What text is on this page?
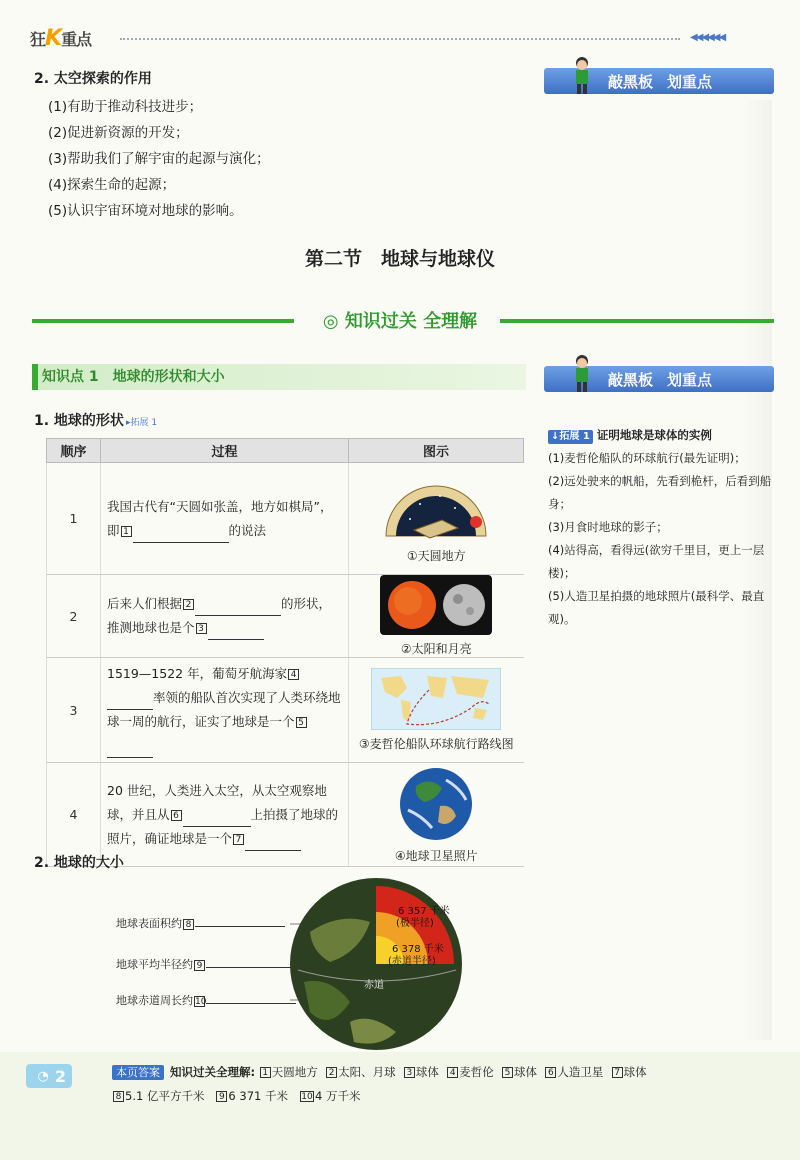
狂K重点	◀◀◀◀◀◀
敲黑板 划重点
2. 太空探索的作用
(1)有助于推动科技进步；
(2)促进新资源的开发；
(3)帮助我们了解宇宙的起源与演化；
(4)探索生命的起源；
(5)认识宇宙环境对地球的影响。
第二节　地球与地球仪
◎ 知识过关 全理解
知识点 1　地球的形状和大小	敲黑板 划重点
1. 地球的形状 ▸拓展 1
顺序	过程	图示
1	我国古代有“天圆如张盖，地方如棋局”，即 1 的说法	①天圆地方

2	后来人们根据 2 的形状，推测地球也是个 3	②太阳和月亮

3	1519—1522 年，葡萄牙航海家 4率领的船队首次实现了人类环绕地球一周的航行，证实了地球是一个 5	③麦哲伦船队环球航行路线图

4	20 世纪，人类进入太空，从太空观察地球，并且从 6 上拍摄了地球的照片，确证地球是一个 7	④地球卫星照片
↓拓展 1 证明地球是球体的实例
(1)麦哲伦船队的环球航行(最先证明)；
(2)远处驶来的帆船，先看到桅杆，后看到船身；
(3)月食时地球的影子；
(4)站得高，看得远(欲穷千里目，更上一层楼)；
(5)人造卫星拍摄的地球照片(最科学、最直观)。
2. 地球的大小
地球表面积约 8
地球平均半径约 9
地球赤道周长约 10
6 357 千米
(极半径)
6 378 千米
(赤道半径)
赤道
◔ 2	本页答案 知识过关全理解: 1 天圆地方 2 太阳、月球 3 球体 4 麦哲伦 5 球体 6 人造卫星 7 球体
8 5.1 亿平方千米 9 6 371 千米 10 4 万千米
